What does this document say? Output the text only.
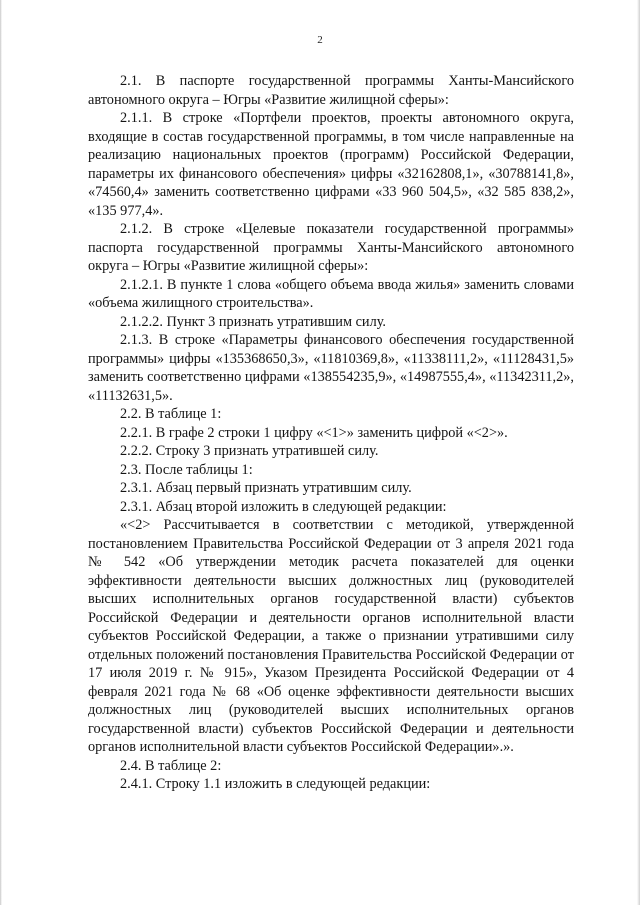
2

2.1. В паспорте государственной программы Ханты-Мансийского автономного округа – Югры «Развитие жилищной сферы»:

2.1.1. В строке «Портфели проектов, проекты автономного округа, входящие в состав государственной программы, в том числе направленные на реализацию национальных проектов (программ) Российской Федерации, параметры их финансового обеспечения» цифры «32162808,1», «30788141,8», «74560,4» заменить соответственно цифрами «33 960 504,5», «32 585 838,2», «135 977,4».

2.1.2. В строке «Целевые показатели государственной программы» паспорта государственной программы Ханты-Мансийского автономного округа – Югры «Развитие жилищной сферы»:

2.1.2.1. В пункте 1 слова «общего объема ввода жилья» заменить словами «объема жилищного строительства».

2.1.2.2. Пункт 3 признать утратившим силу.

2.1.3. В строке «Параметры финансового обеспечения государственной программы» цифры «135368650,3», «11810369,8», «11338111,2», «11128431,5» заменить соответственно цифрами «138554235,9», «14987555,4», «11342311,2», «11132631,5».

2.2. В таблице 1:

2.2.1. В графе 2 строки 1 цифру «<1>» заменить цифрой «<2>».

2.2.2. Строку 3 признать утратившей силу.

2.3. После таблицы 1:

2.3.1. Абзац первый признать утратившим силу.

2.3.1. Абзац второй изложить в следующей редакции:

«<2> Рассчитывается в соответствии с методикой, утвержденной постановлением Правительства Российской Федерации от 3 апреля 2021 года № 542 «Об утверждении методик расчета показателей для оценки эффективности деятельности высших должностных лиц (руководителей высших исполнительных органов государственной власти) субъектов Российской Федерации и деятельности органов исполнительной власти субъектов Российской Федерации, а также о признании утратившими силу отдельных положений постановления Правительства Российской Федерации от 17 июля 2019 г. № 915», Указом Президента Российской Федерации от 4 февраля 2021 года № 68 «Об оценке эффективности деятельности высших должностных лиц (руководителей высших исполнительных органов государственной власти) субъектов Российской Федерации и деятельности органов исполнительной власти субъектов Российской Федерации».».

2.4. В таблице 2:

2.4.1. Строку 1.1 изложить в следующей редакции:
